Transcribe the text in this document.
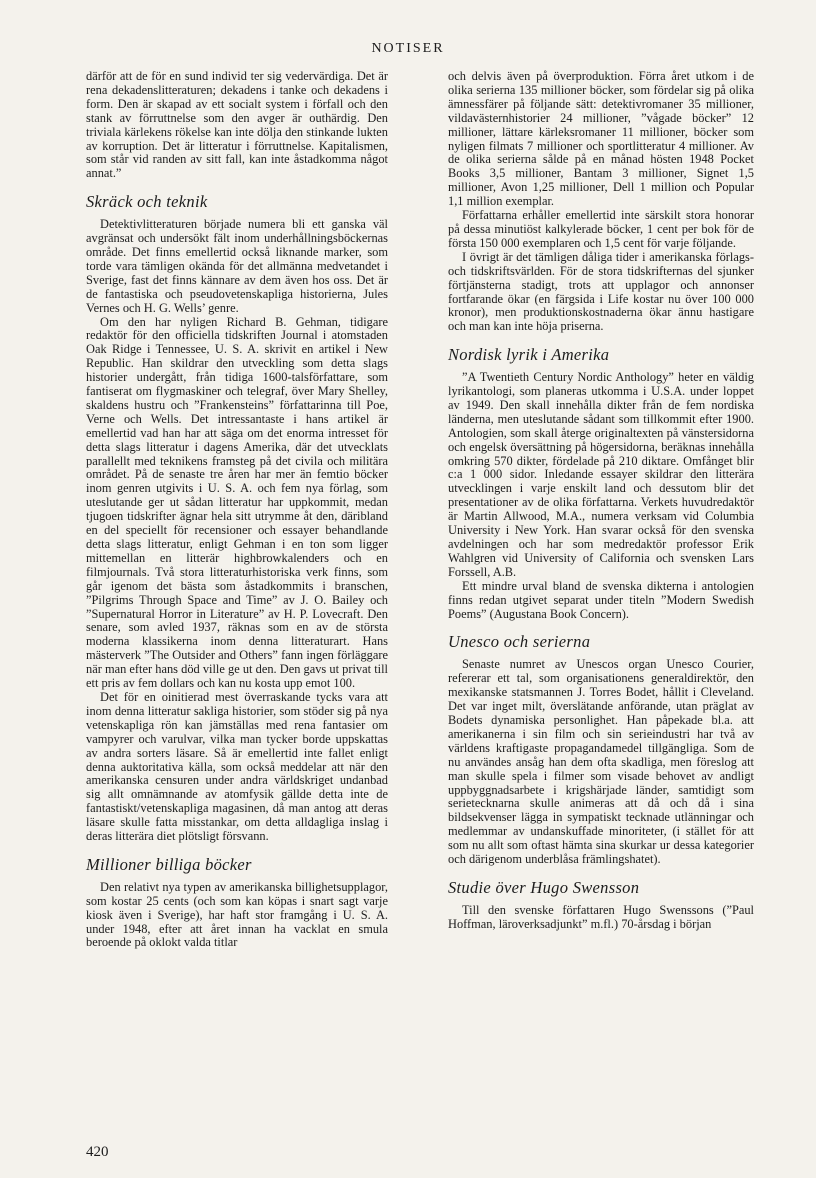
NOTISER

därför att de för en sund individ ter sig vedervärdiga. Det är rena dekadenslitteraturen; dekadens i tanke och dekadens i form. Den är skapad av ett socialt system i förfall och den stank av förruttnelse som den avger är outhärdig. Den triviala kärlekens rökelse kan inte dölja den stinkande lukten av korruption. Det är litteratur i förruttnelse. Kapitalismen, som står vid randen av sitt fall, kan inte åstadkomma något annat.”

Skräck och teknik

Detektivlitteraturen började numera bli ett ganska väl avgränsat och undersökt fält inom underhållningsböckernas område. Det finns emellertid också liknande marker, som torde vara tämligen okända för det allmänna medvetandet i Sverige, fast det finns kännare av dem även hos oss. Det är de fantastiska och pseudovetenskapliga historierna, Jules Vernes och H. G. Wells’ genre.

Om den har nyligen Richard B. Gehman, tidigare redaktör för den officiella tidskriften Journal i atomstaden Oak Ridge i Tennessee, U. S. A. skrivit en artikel i New Republic. Han skildrar den utveckling som detta slags historier undergått, från tidiga 1600-talsförfattare, som fantiserat om flygmaskiner och telegraf, över Mary Shelley, skaldens hustru och ”Frankensteins” författarinna till Poe, Verne och Wells. Det intressantaste i hans artikel är emellertid vad han har att säga om det enorma intresset för detta slags litteratur i dagens Amerika, där det utvecklats parallellt med teknikens framsteg på det civila och militära området. På de senaste tre åren har mer än femtio böcker inom genren utgivits i U. S. A. och fem nya förlag, som uteslutande ger ut sådan litteratur har uppkommit, medan tjugoen tidskrifter ägnar hela sitt utrymme åt den, däribland en del speciellt för recensioner och essayer behandlande detta slags litteratur, enligt Gehman i en ton som ligger mittemellan en litterär highbrowkalenders och en filmjournals. Två stora litteraturhistoriska verk finns, som går igenom det bästa som åstadkommits i branschen, ”Pilgrims Through Space and Time” av J. O. Bailey och ”Supernatural Horror in Literature” av H. P. Lovecraft. Den senare, som avled 1937, räknas som en av de största moderna klassikerna inom denna litteraturart. Hans mästerverk ”The Outsider and Others” fann ingen förläggare när man efter hans död ville ge ut den. Den gavs ut privat till ett pris av fem dollars och kan nu kosta upp emot 100.

Det för en oinitierad mest överraskande tycks vara att inom denna litteratur sakliga historier, som stöder sig på nya vetenskapliga rön kan jämställas med rena fantasier om vampyrer och varulvar, vilka man tycker borde uppskattas av andra sorters läsare. Så är emellertid inte fallet enligt denna auktoritativa källa, som också meddelar att när den amerikanska censuren under andra världskriget undanbad sig allt omnämnande av atomfysik gällde detta inte de fantastiskt/vetenskapliga magasinen, då man antog att deras läsare skulle fatta misstankar, om detta alldagliga inslag i deras litterära diet plötsligt försvann.

Millioner billiga böcker

Den relativt nya typen av amerikanska billighetsupplagor, som kostar 25 cents (och som kan köpas i snart sagt varje kiosk även i Sverige), har haft stor framgång i U. S. A. under 1948, efter att året innan ha vacklat en smula beroende på oklokt valda titlar

och delvis även på överproduktion. Förra året utkom i de olika serierna 135 millioner böcker, som fördelar sig på olika ämnessfärer på följande sätt: detektivromaner 35 millioner, vildavästernhistorier 24 millioner, ”vågade böcker” 12 millioner, lättare kärleksromaner 11 millioner, böcker som nyligen filmats 7 millioner och sportlitteratur 4 millioner. Av de olika serierna sålde på en månad hösten 1948 Pocket Books 3,5 millioner, Bantam 3 millioner, Signet 1,5 millioner, Avon 1,25 millioner, Dell 1 million och Popular 1,1 million exemplar.

Författarna erhåller emellertid inte särskilt stora honorar på dessa minutiöst kalkylerade böcker, 1 cent per bok för de första 150 000 exemplaren och 1,5 cent för varje följande.

I övrigt är det tämligen dåliga tider i amerikanska förlags- och tidskriftsvärlden. För de stora tidskrifternas del sjunker förtjänsterna stadigt, trots att upplagor och annonser fortfarande ökar (en färgsida i Life kostar nu över 100 000 kronor), men produktionskostnaderna ökar ännu hastigare och man kan inte höja priserna.

Nordisk lyrik i Amerika

”A Twentieth Century Nordic Anthology” heter en väldig lyrikantologi, som planeras utkomma i U.S.A. under loppet av 1949. Den skall innehålla dikter från de fem nordiska länderna, men uteslutande sådant som tillkommit efter 1900. Antologien, som skall återge originaltexten på vänstersidorna och engelsk översättning på högersidorna, beräknas innehålla omkring 570 dikter, fördelade på 210 diktare. Omfånget blir c:a 1 000 sidor. Inledande essayer skildrar den litterära utvecklingen i varje enskilt land och dessutom blir det presentationer av de olika författarna. Verkets huvudredaktör är Martin Allwood, M.A., numera verksam vid Columbia University i New York. Han svarar också för den svenska avdelningen och har som medredaktör professor Erik Wahlgren vid University of California och svensken Lars Forssell, A.B.

Ett mindre urval bland de svenska dikterna i antologien finns redan utgivet separat under titeln ”Modern Swedish Poems” (Augustana Book Concern).

Unesco och serierna

Senaste numret av Unescos organ Unesco Courier, refererar ett tal, som organisationens generaldirektör, den mexikanske statsmannen J. Torres Bodet, hållit i Cleveland. Det var inget milt, överslätande anförande, utan präglat av Bodets dynamiska personlighet. Han påpekade bl.a. att amerikanerna i sin film och sin serieindustri har två av världens kraftigaste propagandamedel tillgängliga. Som de nu användes ansåg han dem ofta skadliga, men föreslog att man skulle spela i filmer som visade behovet av andligt uppbyggnadsarbete i krigshärjade länder, samtidigt som serietecknarna skulle animeras att då och då i sina bildsekvenser lägga in sympatiskt tecknade utlänningar och medlemmar av undanskuffade minoriteter, (i stället för att som nu allt som oftast hämta sina skurkar ur dessa kategorier och därigenom underblåsa främlingshatet).

Studie över Hugo Swensson

Till den svenske författaren Hugo Swenssons (”Paul Hoffman, läroverksadjunkt” m.fl.) 70-årsdag i början

420
